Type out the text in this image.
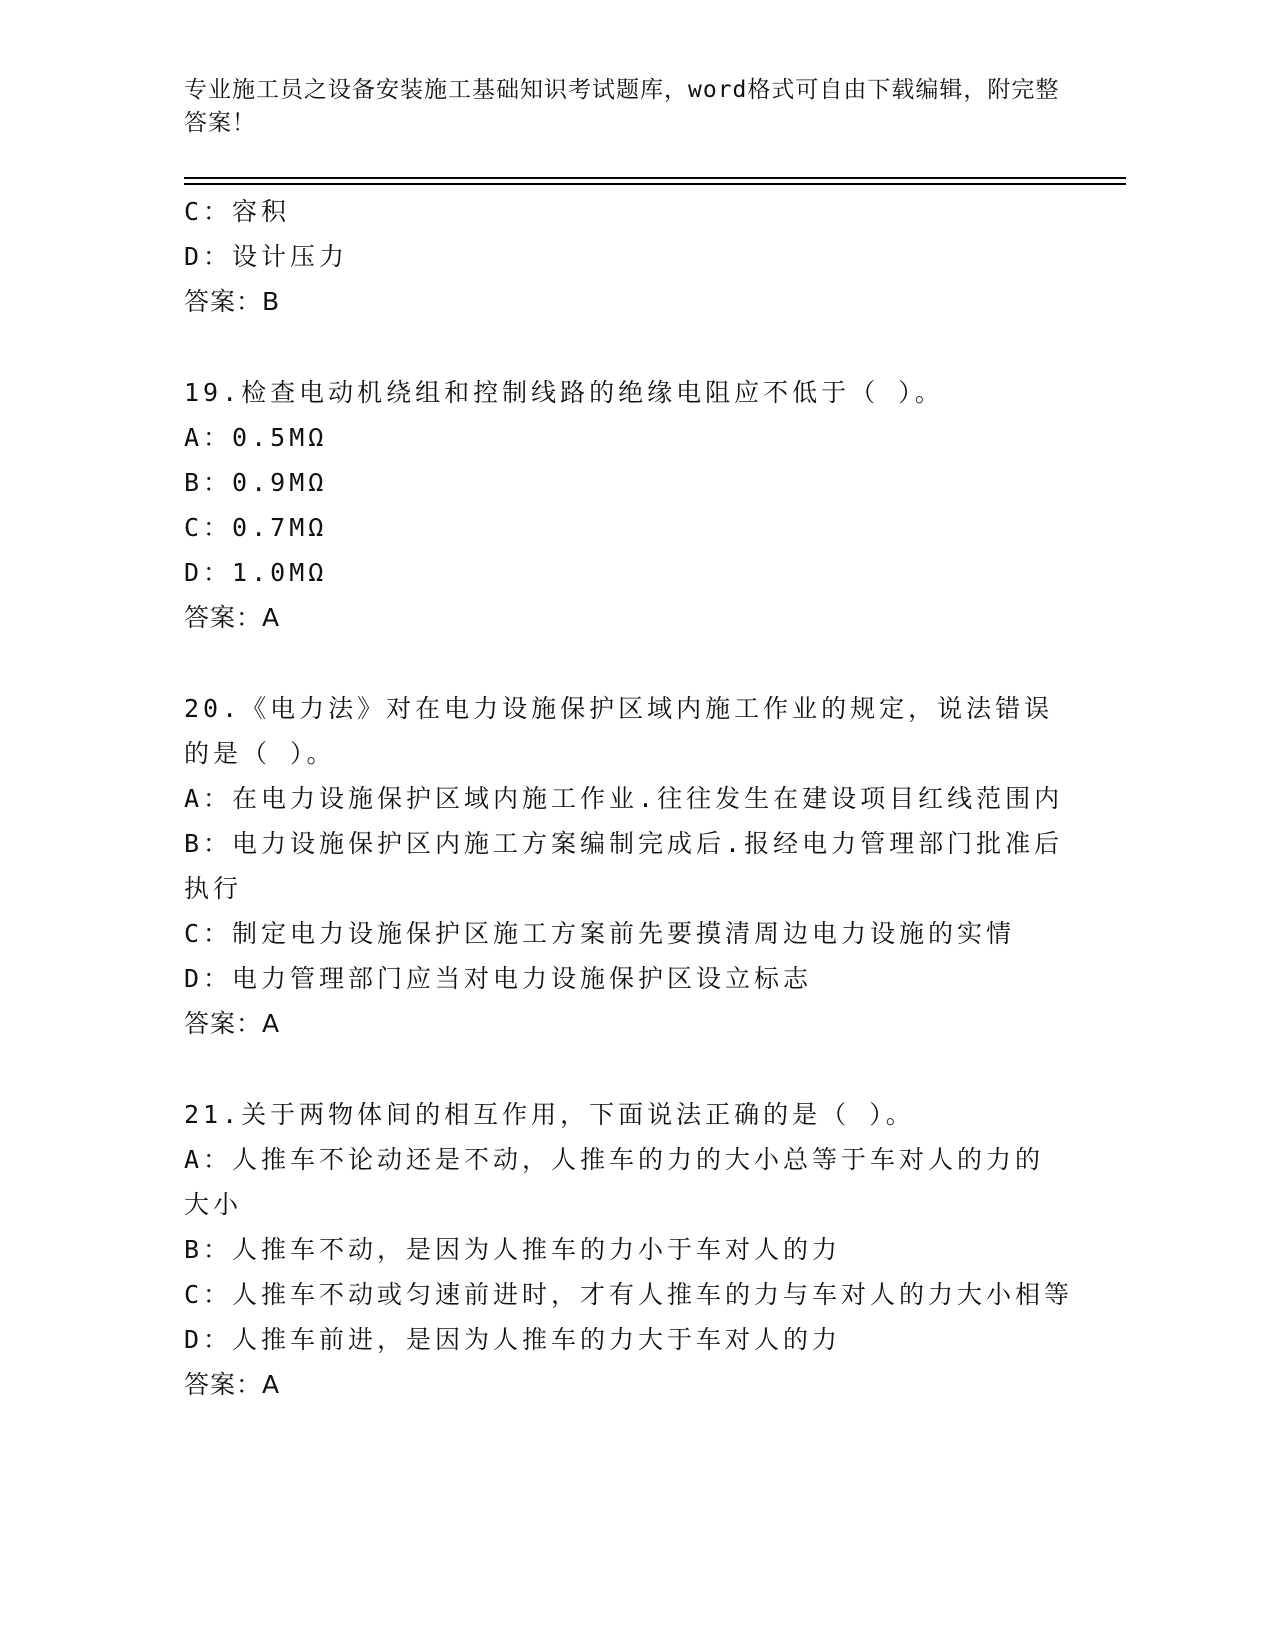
专业施工员之设备安装施工基础知识考试题库，word格式可自由下载编辑，附完整答案！
C：容积
D：设计压力
答案：B
19.检查电动机绕组和控制线路的绝缘电阻应不低于（ ）。
A：0.5MΩ
B：0.9MΩ
C：0.7MΩ
D：1.0MΩ
答案：A
20.《电力法》对在电力设施保护区域内施工作业的规定，说法错误的是（ ）。
A：在电力设施保护区域内施工作业.往往发生在建设项目红线范围内
B：电力设施保护区内施工方案编制完成后.报经电力管理部门批准后执行
C：制定电力设施保护区施工方案前先要摸清周边电力设施的实情
D：电力管理部门应当对电力设施保护区设立标志
答案：A
21.关于两物体间的相互作用，下面说法正确的是（ ）。
A：人推车不论动还是不动，人推车的力的大小总等于车对人的力的大小
B：人推车不动，是因为人推车的力小于车对人的力
C：人推车不动或匀速前进时，才有人推车的力与车对人的力大小相等
D：人推车前进，是因为人推车的力大于车对人的力
答案：A
